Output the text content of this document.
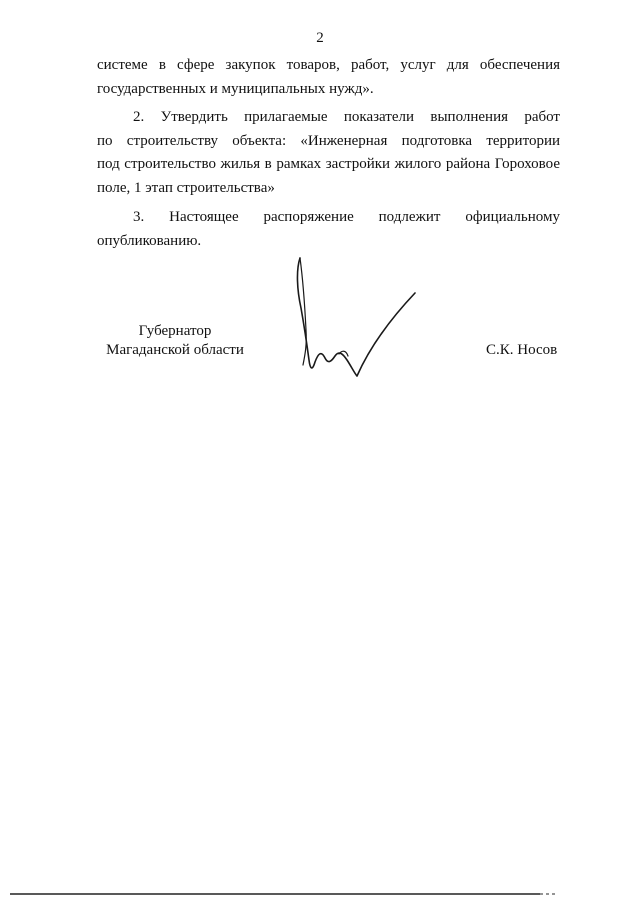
2
системе в сфере закупок товаров, работ, услуг для обеспечения
государственных и муниципальных нужд».
2. Утвердить прилагаемые показатели выполнения работ
по строительству объекта: «Инженерная подготовка территории
под строительство жилья в рамках застройки жилого района Гороховое
поле, 1 этап строительства»
3. Настоящее распоряжение подлежит официальному
опубликованию.
Губернатор
Магаданской области	С.К. Носов
